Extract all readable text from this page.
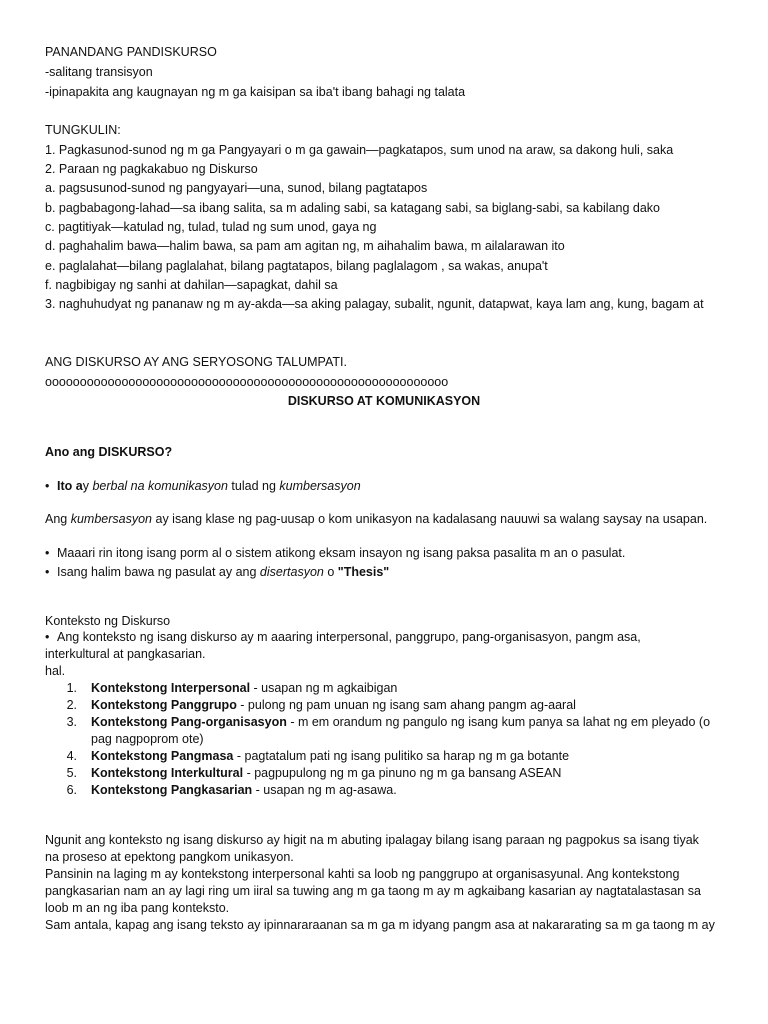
PANANDANG PANDISKURSO
-salitang transisyon
-ipinapakita ang kaugnayan ng m ga kaisipan sa iba't ibang bahagi ng talata
TUNGKULIN:
1. Pagkasunod-sunod ng m ga Pangyayari o m ga gawain—pagkatapos, sum unod na araw, sa dakong huli, saka
2. Paraan ng pagkakabuo ng Diskurso
a. pagsusunod-sunod ng pangyayari—una, sunod, bilang pagtatapos
b. pagbabagong-lahad—sa ibang salita, sa m adaling sabi, sa katagang sabi, sa biglang-sabi, sa kabilang dako
c. pagtitiyak—katulad ng, tulad, tulad ng sum unod, gaya ng
d. paghahalim bawa—halim bawa, sa pam am agitan ng, m aihahalim bawa, m ailalarawan ito
e. paglalahat—bilang paglalahat, bilang pagtatapos, bilang paglalagom , sa wakas, anupa't
f. nagbibigay ng sanhi at dahilan—sapagkat, dahil sa
3. naghuhudyat ng pananaw ng m ay-akda—sa aking palagay, subalit, ngunit, datapwat, kaya lam ang, kung, bagam at
ANG DISKURSO AY ANG SERYOSONG TALUMPATI.
oooooooooooooooooooooooooooooooooooooooooooooooooooooooooo
DISKURSO AT KOMUNIKASYON
Ano ang DISKURSO?
• Ito ay berbal na komunikasyon tulad ng kumbersasyon
Ang kumbersasyon ay isang klase ng pag-uusap o kom unikasyon na kadalasang nauuwi sa walang saysay na usapan.
• Maaari rin itong isang porm al o sistem atikong eksam insayon ng isang paksa pasalita m an o pasulat.
• Isang halim bawa ng pasulat ay ang disertasyon o "Thesis"
Konteksto ng Diskurso
• Ang konteksto ng isang diskurso ay m aaaring interpersonal, panggrupo, pang-organisasyon, pangm asa,
interkultural at pangkasarian.
hal.
1. Kontekstong Interpersonal - usapan ng m agkaibigan
2. Kontekstong Panggrupo - pulong ng pam unuan ng isang sam ahang pangm ag-aaral
3. Kontekstong Pang-organisasyon - m em orandum ng pangulo ng isang kum panya sa lahat ng em pleyado (o
pag nagpoprom ote)
4. Kontekstong Pangmasa - pagtatalum pati ng isang pulitiko sa harap ng m ga botante
5. Kontekstong Interkultural - pagpupulong ng m ga pinuno ng m ga bansang ASEAN
6. Kontekstong Pangkasarian - usapan ng m ag-asawa.
Ngunit ang konteksto ng isang diskurso ay higit na m abuting ipalagay bilang isang paraan ng pagpokus sa isang tiyak
na proseso at epektong pangkom unikasyon.
Pansinin na laging m ay kontekstong interpersonal kahti sa loob ng panggrupo at organisasyunal. Ang kontekstong
pangkasarian nam an ay lagi ring um iiral sa tuwing ang m ga taong m ay m agkaibang kasarian ay nagtatalastasan sa
loob m an ng iba pang konteksto.
Sam antala, kapag ang isang teksto ay ipinnararaanan sa m ga m idyang pangm asa at nakararating sa m ga taong m ay
